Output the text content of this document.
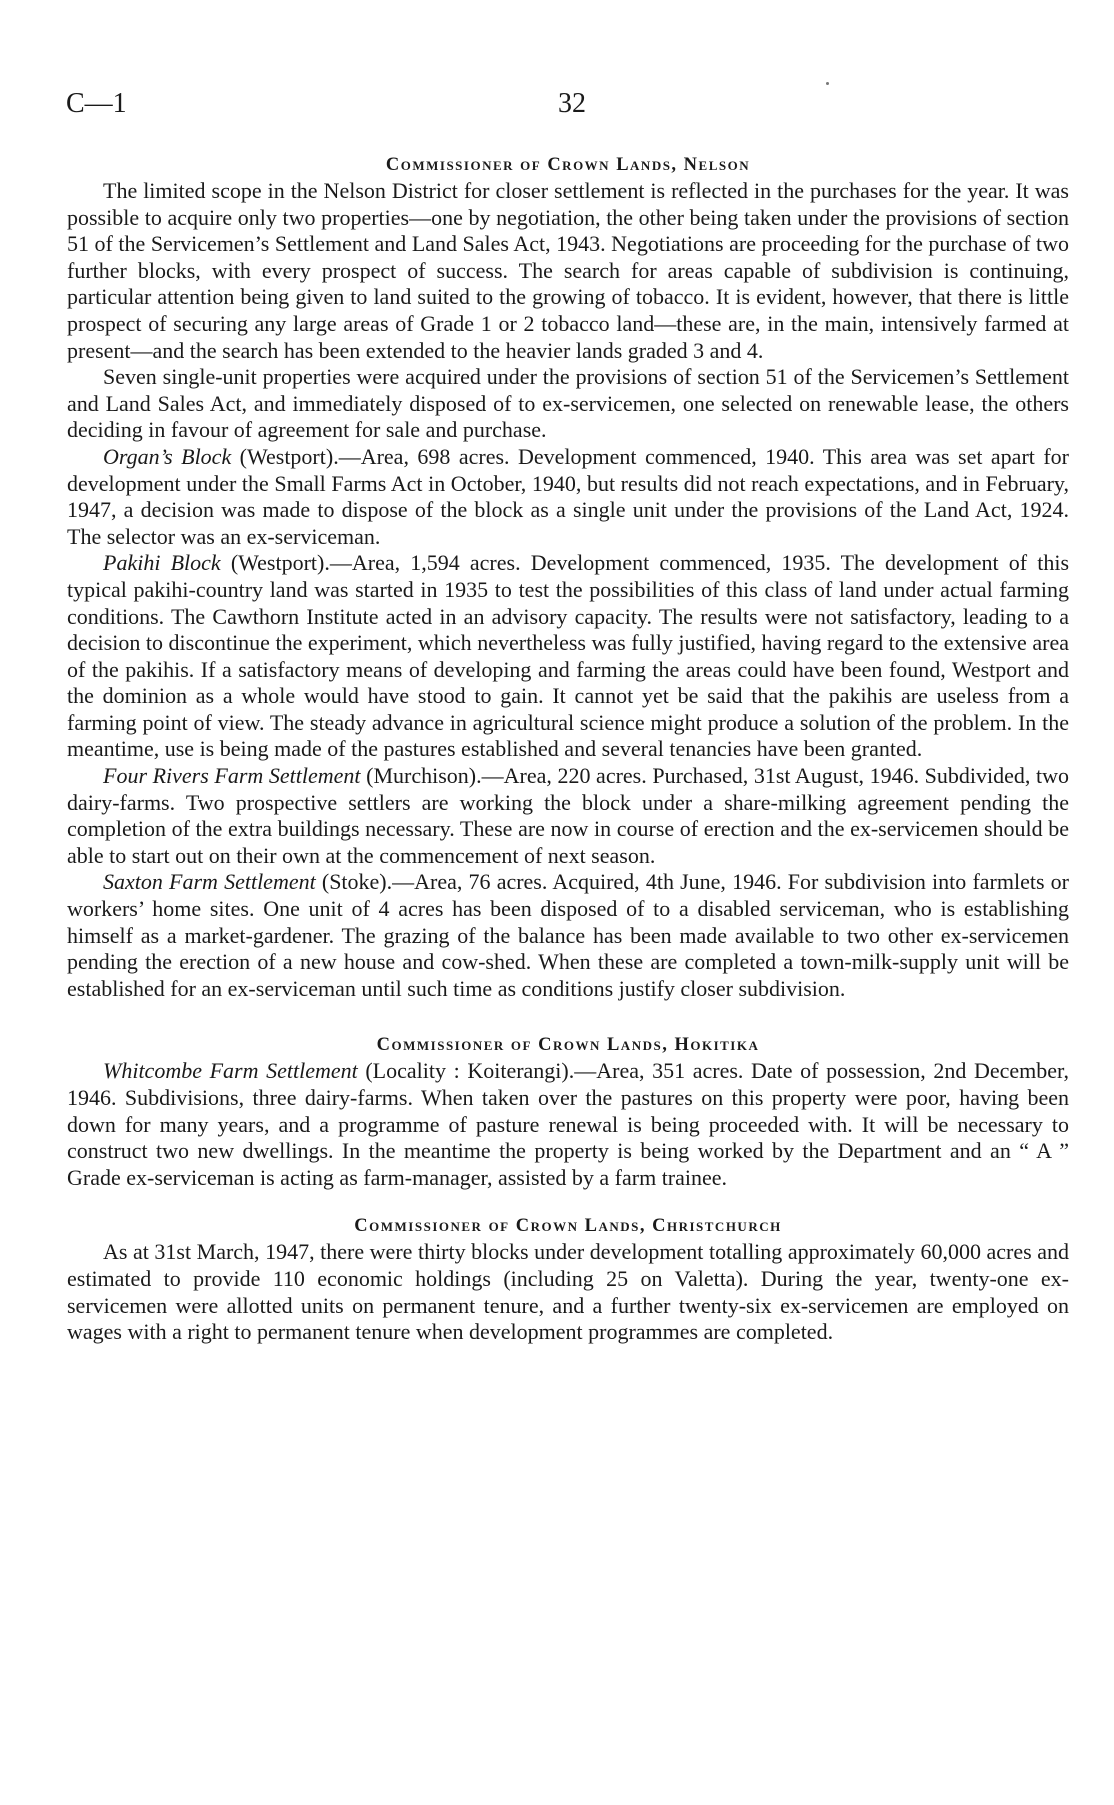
C—1	32
Commissioner of Crown Lands, Nelson

The limited scope in the Nelson District for closer settlement is reflected in the purchases for the year. It was possible to acquire only two properties—one by negotiation, the other being taken under the provisions of section 51 of the Servicemen’s Settlement and Land Sales Act, 1943. Negotiations are proceeding for the purchase of two further blocks, with every prospect of success. The search for areas capable of subdivision is continuing, particular attention being given to land suited to the growing of tobacco. It is evident, however, that there is little prospect of securing any large areas of Grade 1 or 2 tobacco land—these are, in the main, intensively farmed at present—and the search has been extended to the heavier lands graded 3 and 4.

Seven single-unit properties were acquired under the provisions of section 51 of the Servicemen’s Settlement and Land Sales Act, and immediately disposed of to ex-servicemen, one selected on renewable lease, the others deciding in favour of agreement for sale and purchase.

Organ’s Block (Westport).—Area, 698 acres. Development commenced, 1940. This area was set apart for development under the Small Farms Act in October, 1940, but results did not reach expectations, and in February, 1947, a decision was made to dispose of the block as a single unit under the provisions of the Land Act, 1924. The selector was an ex-serviceman.

Pakihi Block (Westport).—Area, 1,594 acres. Development commenced, 1935. The development of this typical pakihi-country land was started in 1935 to test the possibilities of this class of land under actual farming conditions. The Cawthorn Institute acted in an advisory capacity. The results were not satisfactory, leading to a decision to discontinue the experiment, which nevertheless was fully justified, having regard to the extensive area of the pakihis. If a satisfactory means of developing and farming the areas could have been found, Westport and the dominion as a whole would have stood to gain. It cannot yet be said that the pakihis are useless from a farming point of view. The steady advance in agricultural science might produce a solution of the problem. In the meantime, use is being made of the pastures established and several tenancies have been granted.

Four Rivers Farm Settlement (Murchison).—Area, 220 acres. Purchased, 31st August, 1946. Subdivided, two dairy-farms. Two prospective settlers are working the block under a share-milking agreement pending the completion of the extra buildings necessary. These are now in course of erection and the ex-servicemen should be able to start out on their own at the commencement of next season.

Saxton Farm Settlement (Stoke).—Area, 76 acres. Acquired, 4th June, 1946. For subdivision into farmlets or workers’ home sites. One unit of 4 acres has been disposed of to a disabled serviceman, who is establishing himself as a market-gardener. The grazing of the balance has been made available to two other ex-servicemen pending the erection of a new house and cow-shed. When these are completed a town-milk-supply unit will be established for an ex-serviceman until such time as conditions justify closer subdivision.

Commissioner of Crown Lands, Hokitika

Whitcombe Farm Settlement (Locality : Koiterangi).—Area, 351 acres. Date of possession, 2nd December, 1946. Subdivisions, three dairy-farms. When taken over the pastures on this property were poor, having been down for many years, and a programme of pasture renewal is being proceeded with. It will be necessary to construct two new dwellings. In the meantime the property is being worked by the Department and an “ A ” Grade ex-serviceman is acting as farm-manager, assisted by a farm trainee.

Commissioner of Crown Lands, Christchurch

As at 31st March, 1947, there were thirty blocks under development totalling approximately 60,000 acres and estimated to provide 110 economic holdings (including 25 on Valetta). During the year, twenty-one ex-servicemen were allotted units on permanent tenure, and a further twenty-six ex-servicemen are employed on wages with a right to permanent tenure when development programmes are completed.
